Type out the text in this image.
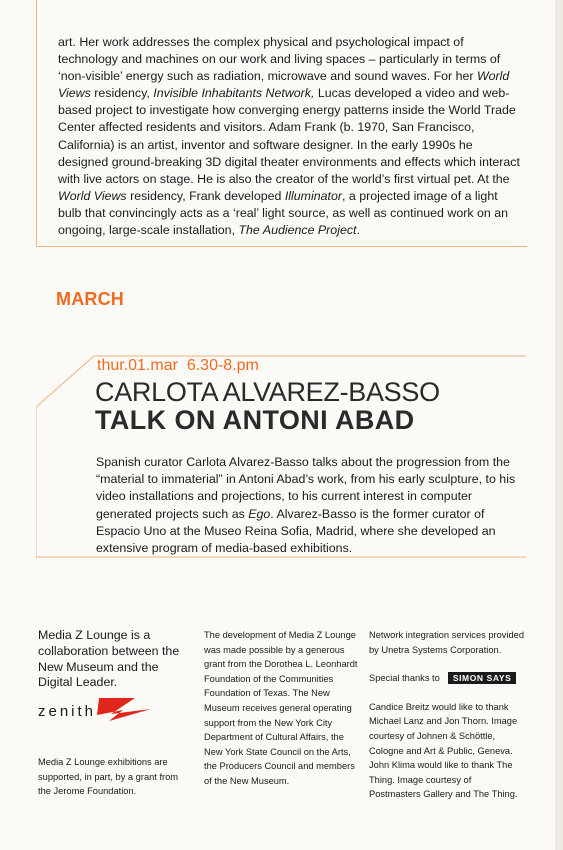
art. Her work addresses the complex physical and psychological impact of technology and machines on our work and living spaces – particularly in terms of ‘non-visible’ energy such as radiation, microwave and sound waves. For her World Views residency, Invisible Inhabitants Network, Lucas developed a video and web-based project to investigate how converging energy patterns inside the World Trade Center affected residents and visitors. Adam Frank (b. 1970, San Francisco, California) is an artist, inventor and software designer. In the early 1990s he designed ground-breaking 3D digital theater environments and effects which interact with live actors on stage. He is also the creator of the world’s first virtual pet. At the World Views residency, Frank developed Illuminator, a projected image of a light bulb that convincingly acts as a ‘real’ light source, as well as continued work on an ongoing, large-scale installation, The Audience Project.

MARCH
thur.01.mar  6.30-8.pm
CARLOTA ALVAREZ-BASSO
TALK ON ANTONI ABAD

Spanish curator Carlota Alvarez-Basso talks about the progression from the “material to immaterial” in Antoni Abad’s work, from his early sculpture, to his video installations and projections, to his current interest in computer generated projects such as Ego. Alvarez-Basso is the former curator of Espacio Uno at the Museo Reina Sofia, Madrid, where she developed an extensive program of media-based exhibitions.

Media Z Lounge is a collaboration between the New Museum and the Digital Leader.

zenith

Media Z Lounge exhibitions are supported, in part, by a grant from the Jerome Foundation.

The development of Media Z Lounge was made possible by a generous grant from the Dorothea L. Leonhardt Foundation of the Communities Foundation of Texas. The New Museum receives general operating support from the New York City Department of Cultural Affairs, the New York State Council on the Arts, the Producers Council and members of the New Museum.

Network integration services provided by Unetra Systems Corporation.

Special thanks to	SIMON SAYS

Candice Breitz would like to thank Michael Lanz and Jon Thorn. Image courtesy of Johnen & Schöttle, Cologne and Art & Public, Geneva. John Klima would like to thank The Thing. Image courtesy of Postmasters Gallery and The Thing.
